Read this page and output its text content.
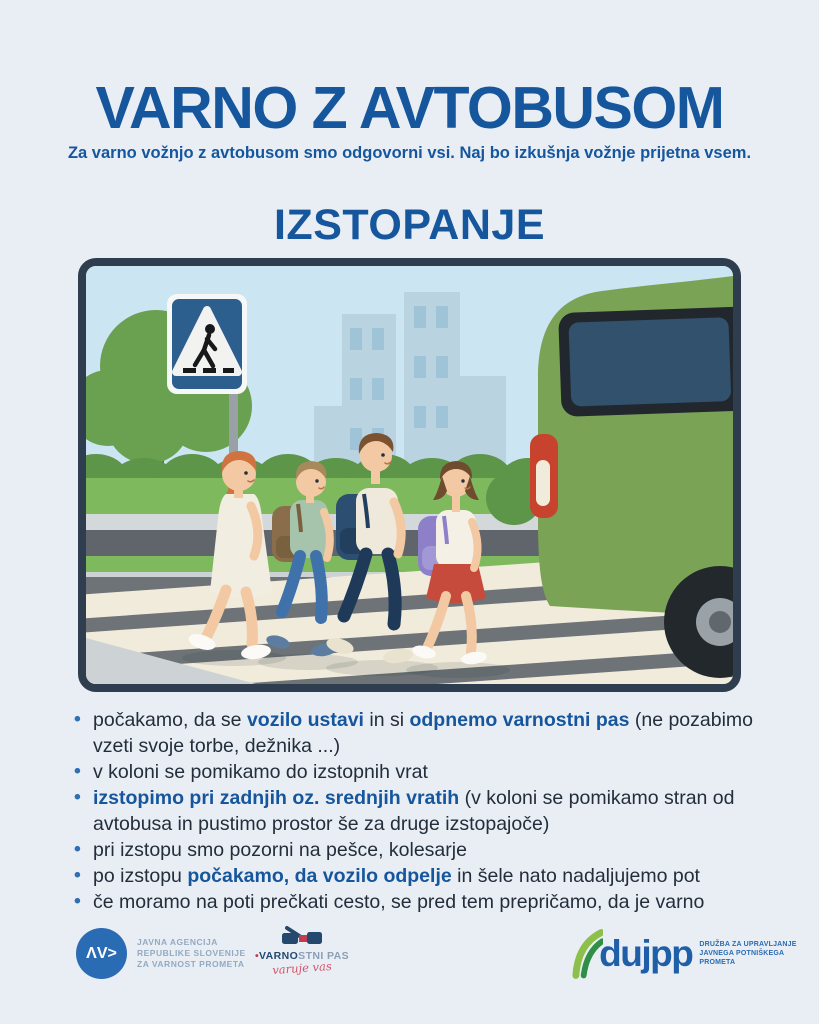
VARNO Z AVTOBUSOM
Za varno vožnjo z avtobusom smo odgovorni vsi. Naj bo izkušnja vožnje prijetna vsem.
IZSTOPANJE
• počakamo, da se vozilo ustavi in si odpnemo varnostni pas (ne pozabimo vzeti svoje torbe, dežnika ...)
• v koloni se pomikamo do izstopnih vrat
• izstopimo pri zadnjih oz. srednjih vratih (v koloni se pomikamo stran od avtobusa in pustimo prostor še za druge izstopajoče)
• pri izstopu smo pozorni na pešce, kolesarje
• po izstopu počakamo, da vozilo odpelje in šele nato nadaljujemo pot
• če moramo na poti prečkati cesto, se pred tem prepričamo, da je varno
ΛV>
JAVNA AGENCIJA
REPUBLIKE SLOVENIJE
ZA VARNOST PROMETA
•VARNOSTNI PAS
varuje vas	dujpp DRUŽBA ZA UPRAVLJANJE
JAVNEGA POTNIŠKEGA PROMETA
